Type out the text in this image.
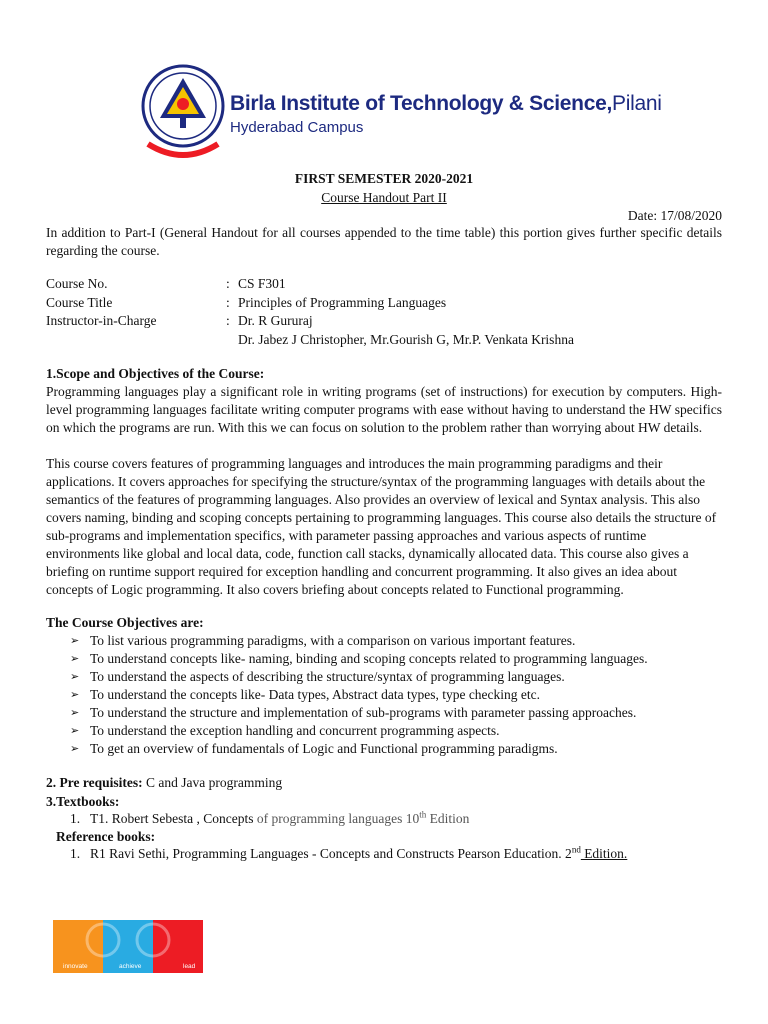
Birla Institute of Technology & Science,Pilani
Hyderabad Campus
FIRST SEMESTER 2020-2021
Course Handout Part II
Date: 17/08/2020
In addition to Part-I (General Handout for all courses appended to the time table) this portion gives further specific details regarding the course.
Course No.	: CS F301
Course Title	: Principles of Programming Languages
Instructor-in-Charge	: Dr. R Gururaj
Dr. Jabez J Christopher, Mr.Gourish G, Mr.P. Venkata Krishna
1.Scope and Objectives of the Course:
Programming languages play a significant role in writing programs (set of instructions) for execution by computers. High-level programming languages facilitate writing computer programs with ease without having to understand the HW specifics on which the programs are run. With this we can focus on solution to the problem rather than worrying about HW details.
This course covers features of programming languages and introduces the main programming paradigms and their applications. It covers approaches for specifying the structure/syntax of the programming languages with details about the semantics of the features of programming languages. Also provides an overview of lexical and Syntax analysis. This also covers naming, binding and scoping concepts pertaining to programming languages. This course also details the structure of sub-programs and implementation specifics, with parameter passing approaches and various aspects of runtime environments like global and local data, code, function call stacks, dynamically allocated data. This course also gives a briefing on runtime support required for exception handling and concurrent programming. It also gives an idea about concepts of Logic programming. It also covers briefing about concepts related to Functional programming.
The Course Objectives are:
➢ To list various programming paradigms, with a comparison on various important features.
➢ To understand concepts like- naming, binding and scoping concepts related to programming languages.
➢ To understand the aspects of describing the structure/syntax of programming languages.
➢ To understand the concepts like- Data types, Abstract data types, type checking etc.
➢ To understand the structure and implementation of sub-programs with parameter passing approaches.
➢ To understand the exception handling and concurrent programming aspects.
➢ To get an overview of fundamentals of Logic and Functional programming paradigms.
2. Pre requisites: C and Java programming
3.Textbooks:
1. T1. Robert Sebesta , Concepts of programming languages 10th Edition
Reference books:
1. R1 Ravi Sethi, Programming Languages - Concepts and Constructs Pearson Education. 2nd Edition.
innovate	achieve	lead
